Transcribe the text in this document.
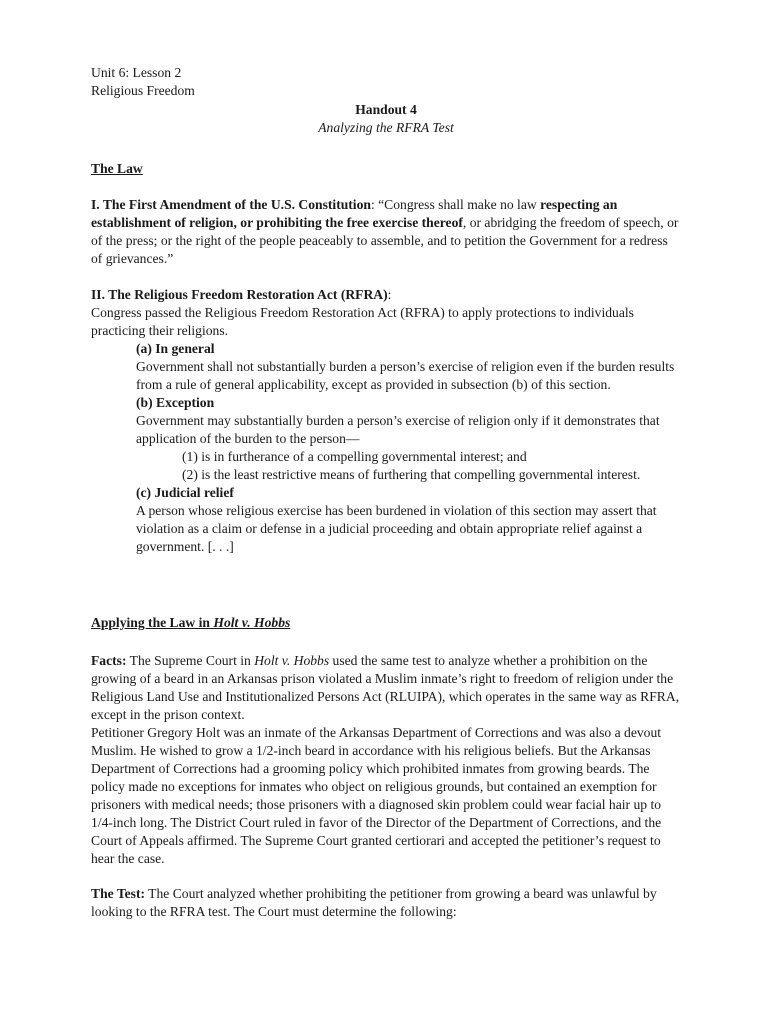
Unit 6: Lesson 2

Religious Freedom

Handout 4

Analyzing the RFRA Test

The Law

I. The First Amendment of the U.S. Constitution: “Congress shall make no law respecting an establishment of religion, or prohibiting the free exercise thereof, or abridging the freedom of speech, or of the press; or the right of the people peaceably to assemble, and to petition the Government for a redress of grievances.”

II. The Religious Freedom Restoration Act (RFRA):

Congress passed the Religious Freedom Restoration Act (RFRA) to apply protections to individuals practicing their religions.

(a) In general

Government shall not substantially burden a person’s exercise of religion even if the burden results from a rule of general applicability, except as provided in subsection (b) of this section.

(b) Exception

Government may substantially burden a person’s exercise of religion only if it demonstrates that application of the burden to the person—

(1) is in furtherance of a compelling governmental interest; and

(2) is the least restrictive means of furthering that compelling governmental interest.

(c) Judicial relief

A person whose religious exercise has been burdened in violation of this section may assert that violation as a claim or defense in a judicial proceeding and obtain appropriate relief against a government. [. . .]

Applying the Law in Holt v. Hobbs

Facts: The Supreme Court in Holt v. Hobbs used the same test to analyze whether a prohibition on the growing of a beard in an Arkansas prison violated a Muslim inmate’s right to freedom of religion under the Religious Land Use and Institutionalized Persons Act (RLUIPA), which operates in the same way as RFRA, except in the prison context.

Petitioner Gregory Holt was an inmate of the Arkansas Department of Corrections and was also a devout Muslim. He wished to grow a 1/2-inch beard in accordance with his religious beliefs. But the Arkansas Department of Corrections had a grooming policy which prohibited inmates from growing beards. The policy made no exceptions for inmates who object on religious grounds, but contained an exemption for prisoners with medical needs; those prisoners with a diagnosed skin problem could wear facial hair up to 1/4-inch long. The District Court ruled in favor of the Director of the Department of Corrections, and the Court of Appeals affirmed. The Supreme Court granted certiorari and accepted the petitioner’s request to hear the case.

The Test: The Court analyzed whether prohibiting the petitioner from growing a beard was unlawful by looking to the RFRA test. The Court must determine the following:
